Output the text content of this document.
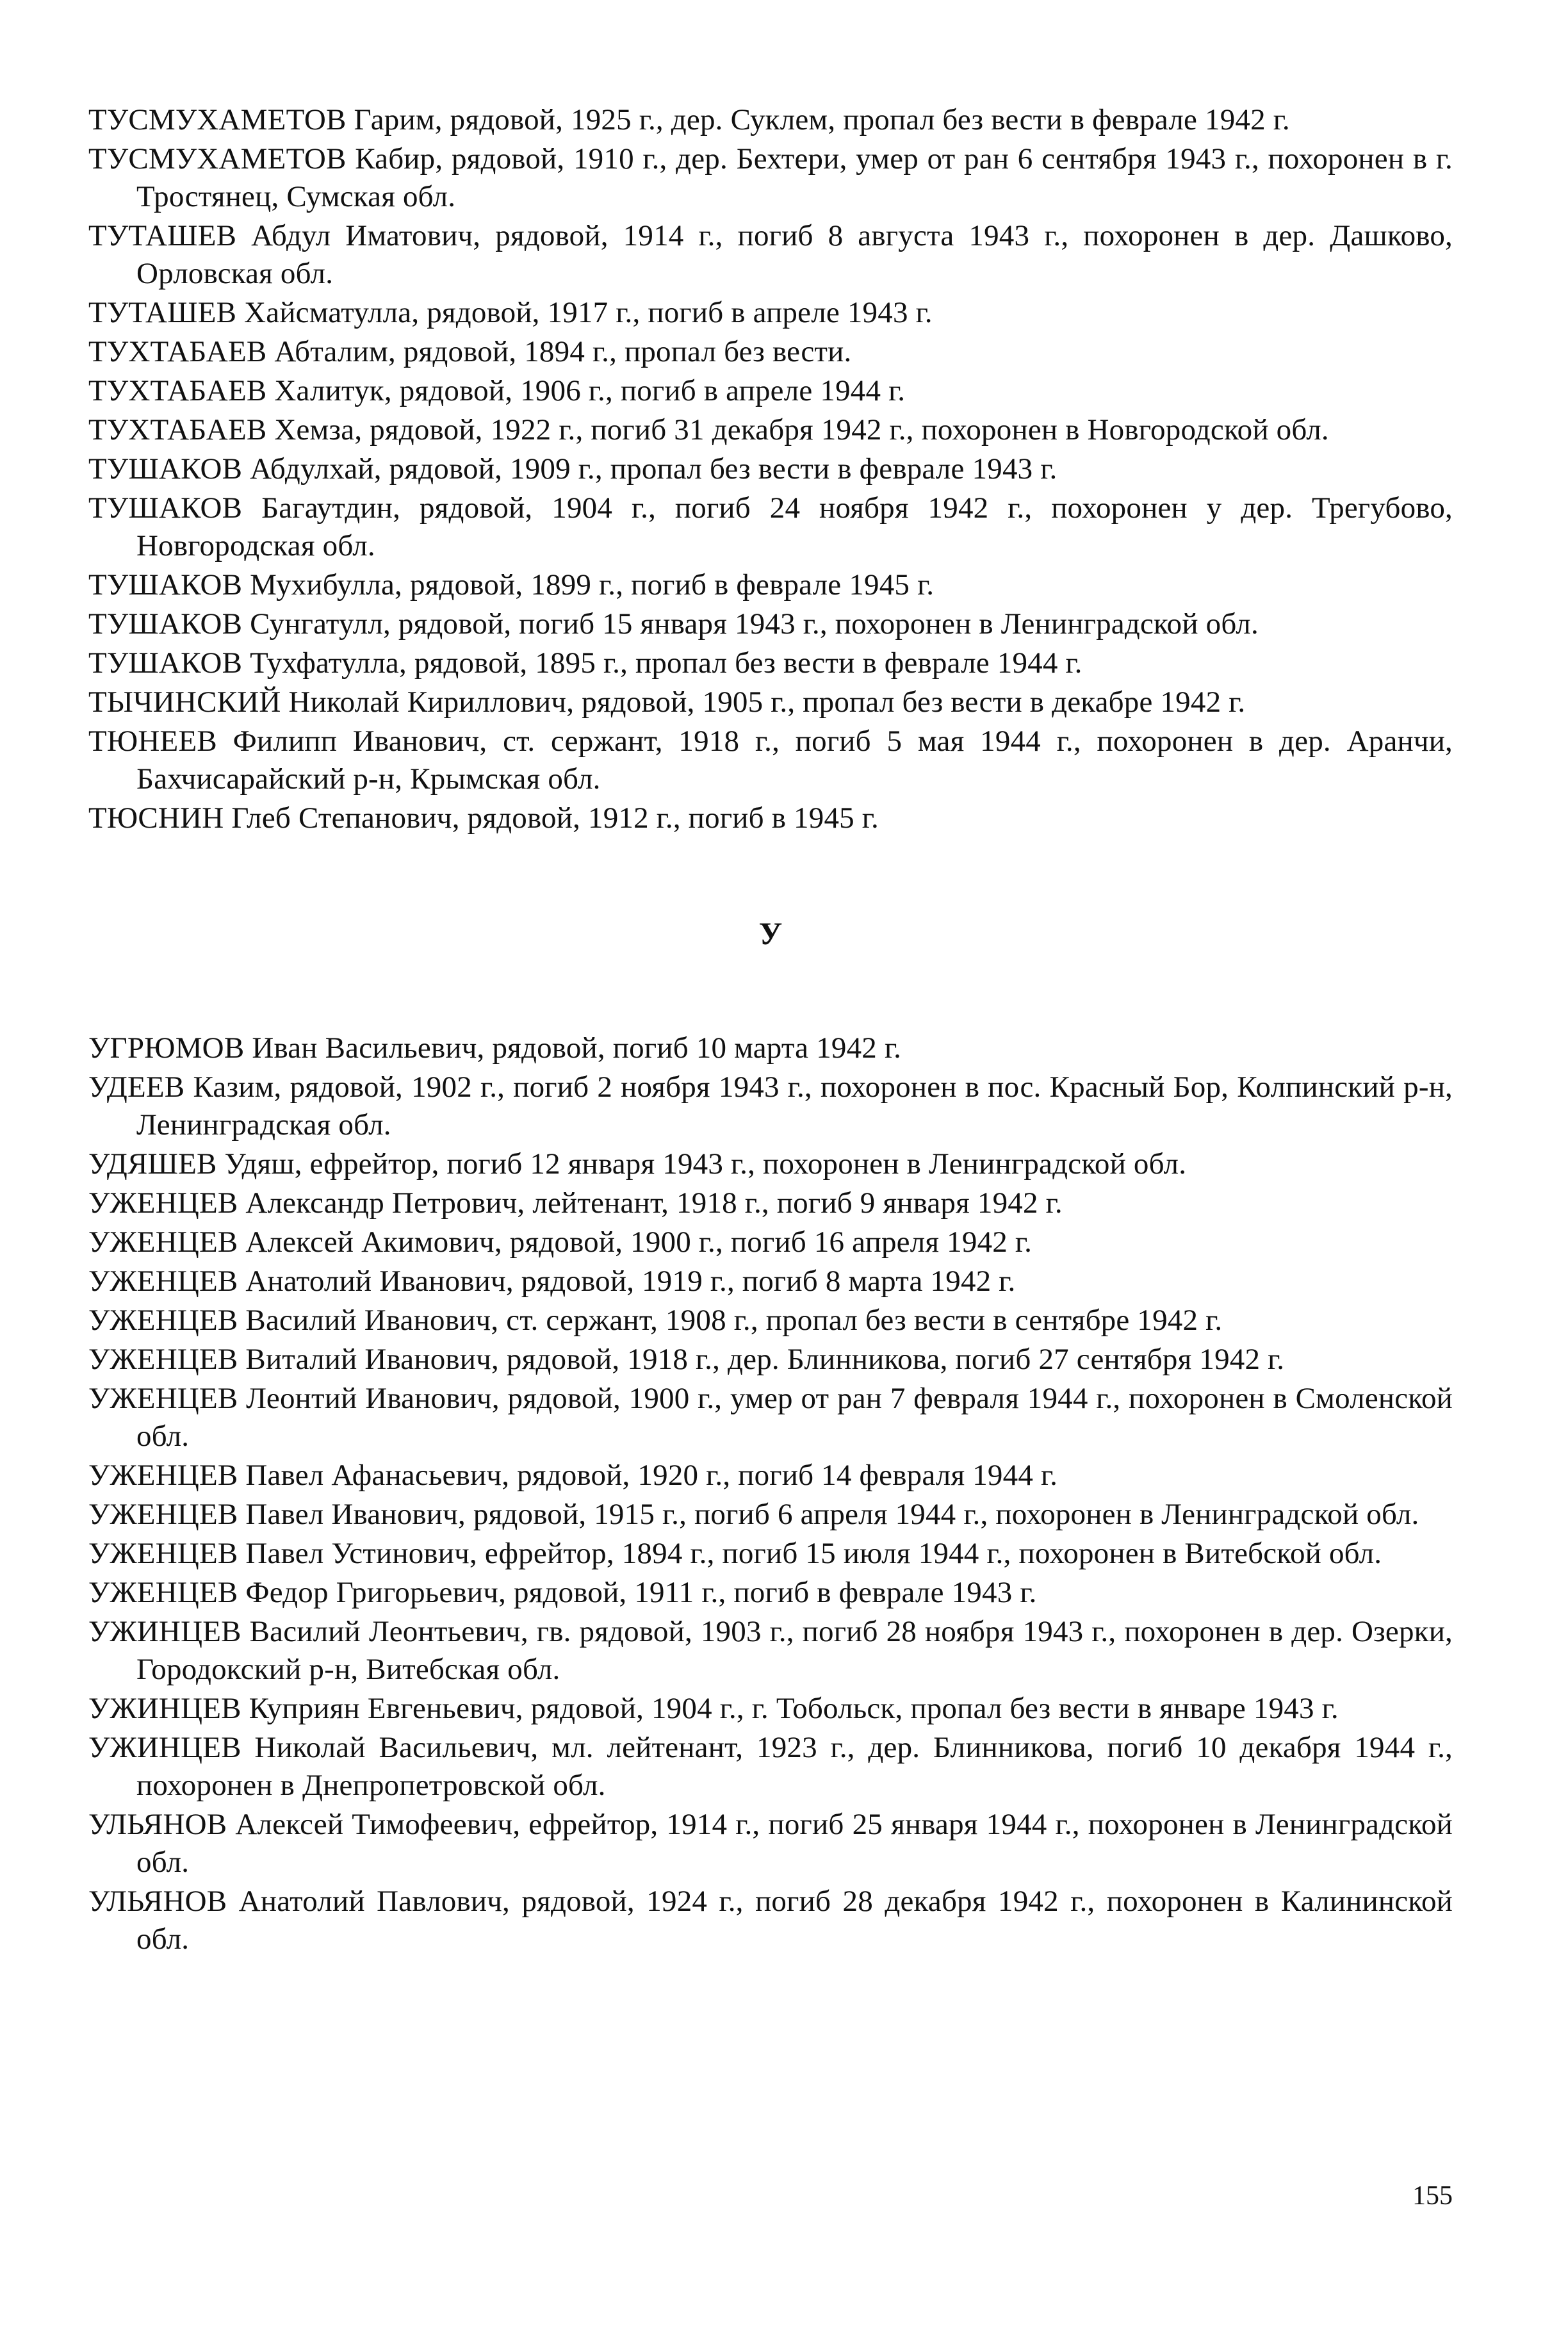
ТУСМУХАМЕТОВ Гарим, рядовой, 1925 г., дер. Суклем, пропал без вести в феврале 1942 г.

ТУСМУХАМЕТОВ Кабир, рядовой, 1910 г., дер. Бехтери, умер от ран 6 сентября 1943 г., похоронен в г. Тростянец, Сумская обл.

ТУТАШЕВ Абдул Иматович, рядовой, 1914 г., погиб 8 августа 1943 г., похоронен в дер. Дашково, Орловская обл.

ТУТАШЕВ Хайсматулла, рядовой, 1917 г., погиб в апреле 1943 г.

ТУХТАБАЕВ Абталим, рядовой, 1894 г., пропал без вести.

ТУХТАБАЕВ Халитук, рядовой, 1906 г., погиб в апреле 1944 г.

ТУХТАБАЕВ Хемза, рядовой, 1922 г., погиб 31 декабря 1942 г., похоронен в Новгородской обл.

ТУШАКОВ Абдулхай, рядовой, 1909 г., пропал без вести в феврале 1943 г.

ТУШАКОВ Багаутдин, рядовой, 1904 г., погиб 24 ноября 1942 г., похоронен у дер. Трегубово, Новгородская обл.

ТУШАКОВ Мухибулла, рядовой, 1899 г., погиб в феврале 1945 г.

ТУШАКОВ Сунгатулл, рядовой, погиб 15 января 1943 г., похоронен в Ленинградской обл.

ТУШАКОВ Тухфатулла, рядовой, 1895 г., пропал без вести в феврале 1944 г.

ТЫЧИНСКИЙ Николай Кириллович, рядовой, 1905 г., пропал без вести в декабре 1942 г.

ТЮНЕЕВ Филипп Иванович, ст. сержант, 1918 г., погиб 5 мая 1944 г., похоронен в дер. Аранчи, Бахчисарайский р-н, Крымская обл.

ТЮСНИН Глеб Степанович, рядовой, 1912 г., погиб в 1945 г.

У

УГРЮМОВ Иван Васильевич, рядовой, погиб 10 марта 1942 г.

УДЕЕВ Казим, рядовой, 1902 г., погиб 2 ноября 1943 г., похоронен в пос. Красный Бор, Колпинский р-н, Ленинградская обл.

УДЯШЕВ Удяш, ефрейтор, погиб 12 января 1943 г., похоронен в Ленинградской обл.

УЖЕНЦЕВ Александр Петрович, лейтенант, 1918 г., погиб 9 января 1942 г.

УЖЕНЦЕВ Алексей Акимович, рядовой, 1900 г., погиб 16 апреля 1942 г.

УЖЕНЦЕВ Анатолий Иванович, рядовой, 1919 г., погиб 8 марта 1942 г.

УЖЕНЦЕВ Василий Иванович, ст. сержант, 1908 г., пропал без вести в сентябре 1942 г.

УЖЕНЦЕВ Виталий Иванович, рядовой, 1918 г., дер. Блинникова, погиб 27 сентября 1942 г.

УЖЕНЦЕВ Леонтий Иванович, рядовой, 1900 г., умер от ран 7 февраля 1944 г., похоронен в Смоленской обл.

УЖЕНЦЕВ Павел Афанасьевич, рядовой, 1920 г., погиб 14 февраля 1944 г.

УЖЕНЦЕВ Павел Иванович, рядовой, 1915 г., погиб 6 апреля 1944 г., похоронен в Ленинградской обл.

УЖЕНЦЕВ Павел Устинович, ефрейтор, 1894 г., погиб 15 июля 1944 г., похоронен в Витебской обл.

УЖЕНЦЕВ Федор Григорьевич, рядовой, 1911 г., погиб в феврале 1943 г.

УЖИНЦЕВ Василий Леонтьевич, гв. рядовой, 1903 г., погиб 28 ноября 1943 г., похоронен в дер. Озерки, Городокский р-н, Витебская обл.

УЖИНЦЕВ Куприян Евгеньевич, рядовой, 1904 г., г. Тобольск, пропал без вести в январе 1943 г.

УЖИНЦЕВ Николай Васильевич, мл. лейтенант, 1923 г., дер. Блинникова, погиб 10 декабря 1944 г., похоронен в Днепропетровской обл.

УЛЬЯНОВ Алексей Тимофеевич, ефрейтор, 1914 г., погиб 25 января 1944 г., похоронен в Ленинградской обл.

УЛЬЯНОВ Анатолий Павлович, рядовой, 1924 г., погиб 28 декабря 1942 г., похоронен в Калининской обл.

155
